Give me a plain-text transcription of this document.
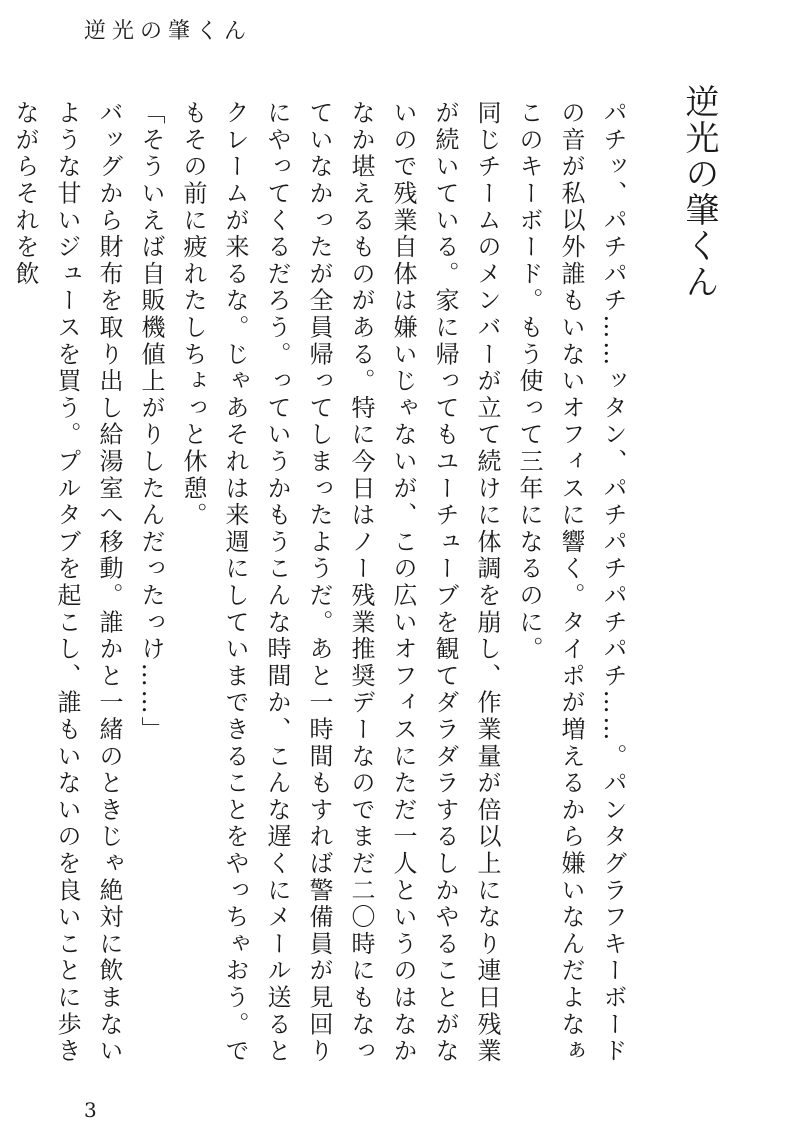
逆光の肇くん
逆光の肇くん

パチッ、パチパチ……ッタン、パチパチパチパチ……。パンタグラフキーボードの音が私以外誰もいないオフィスに響く。タイポが増えるから嫌いなんだよなぁこのキーボード。もう使って三年になるのに。

同じチームのメンバーが立て続けに体調を崩し、作業量が倍以上になり連日残業が続いている。家に帰ってもユーチューブを観てダラダラするしかやることがないので残業自体は嫌いじゃないが、この広いオフィスにただ一人というのはなかなか堪えるものがある。特に今日はノー残業推奨デーなのでまだ二〇時にもなっていなかったが全員帰ってしまったようだ。あと一時間もすれば警備員が見回りにやってくるだろう。っていうかもうこんな時間か、こんな遅くにメール送るとクレームが来るな。じゃあそれは来週にしていまできることをやっちゃおう。でもその前に疲れたしちょっと休憩。

「そういえば自販機値上がりしたんだったっけ……」

バッグから財布を取り出し給湯室へ移動。誰かと一緒のときじゃ絶対に飲まないような甘いジュースを買う。プルタブを起こし、誰もいないのを良いことに歩きながらそれを飲

3
